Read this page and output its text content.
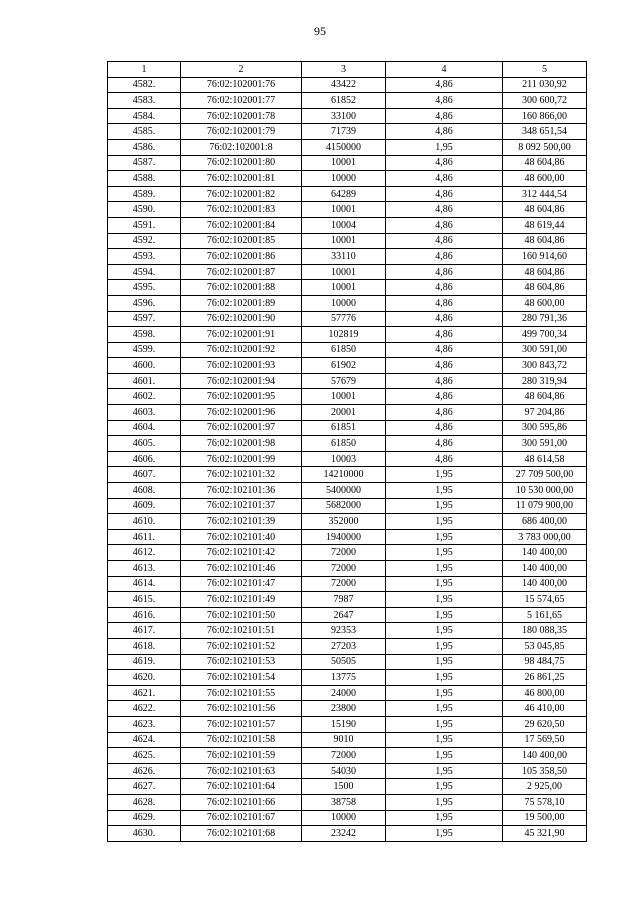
95
1	2	3	4	5
4582.	76:02:102001:76	43422	4,86	211 030,92
4583.	76:02:102001:77	61852	4,86	300 600,72
4584.	76:02:102001:78	33100	4,86	160 866,00
4585.	76:02:102001:79	71739	4,86	348 651,54
4586.	76:02:102001:8	4150000	1,95	8 092 500,00
4587.	76:02:102001:80	10001	4,86	48 604,86
4588.	76:02:102001:81	10000	4,86	48 600,00
4589.	76:02:102001:82	64289	4,86	312 444,54
4590.	76:02:102001:83	10001	4,86	48 604,86
4591.	76:02:102001:84	10004	4,86	48 619,44
4592.	76:02:102001:85	10001	4,86	48 604,86
4593.	76:02:102001:86	33110	4,86	160 914,60
4594.	76:02:102001:87	10001	4,86	48 604,86
4595.	76:02:102001:88	10001	4,86	48 604,86
4596.	76:02:102001:89	10000	4,86	48 600,00
4597.	76:02:102001:90	57776	4,86	280 791,36
4598.	76:02:102001:91	102819	4,86	499 700,34
4599.	76:02:102001:92	61850	4,86	300 591,00
4600.	76:02:102001:93	61902	4,86	300 843,72
4601.	76:02:102001:94	57679	4,86	280 319,94
4602.	76:02:102001:95	10001	4,86	48 604,86
4603.	76:02:102001:96	20001	4,86	97 204,86
4604.	76:02:102001:97	61851	4,86	300 595,86
4605.	76:02:102001:98	61850	4,86	300 591,00
4606.	76:02:102001:99	10003	4,86	48 614,58
4607.	76:02:102101:32	14210000	1,95	27 709 500,00
4608.	76:02:102101:36	5400000	1,95	10 530 000,00
4609.	76:02:102101:37	5682000	1,95	11 079 900,00
4610.	76:02:102101:39	352000	1,95	686 400,00
4611.	76:02:102101:40	1940000	1,95	3 783 000,00
4612.	76:02:102101:42	72000	1,95	140 400,00
4613.	76:02:102101:46	72000	1,95	140 400,00
4614.	76:02:102101:47	72000	1,95	140 400,00
4615.	76:02:102101:49	7987	1,95	15 574,65
4616.	76:02:102101:50	2647	1,95	5 161,65
4617.	76:02:102101:51	92353	1,95	180 088,35
4618.	76:02:102101:52	27203	1,95	53 045,85
4619.	76:02:102101:53	50505	1,95	98 484,75
4620.	76:02:102101:54	13775	1,95	26 861,25
4621.	76:02:102101:55	24000	1,95	46 800,00
4622.	76:02:102101:56	23800	1,95	46 410,00
4623.	76:02:102101:57	15190	1,95	29 620,50
4624.	76:02:102101:58	9010	1,95	17 569,50
4625.	76:02:102101:59	72000	1,95	140 400,00
4626.	76:02:102101:63	54030	1,95	105 358,50
4627.	76:02:102101:64	1500	1,95	2 925,00
4628.	76:02:102101:66	38758	1,95	75 578,10
4629.	76:02:102101:67	10000	1,95	19 500,00
4630.	76:02:102101:68	23242	1,95	45 321,90
